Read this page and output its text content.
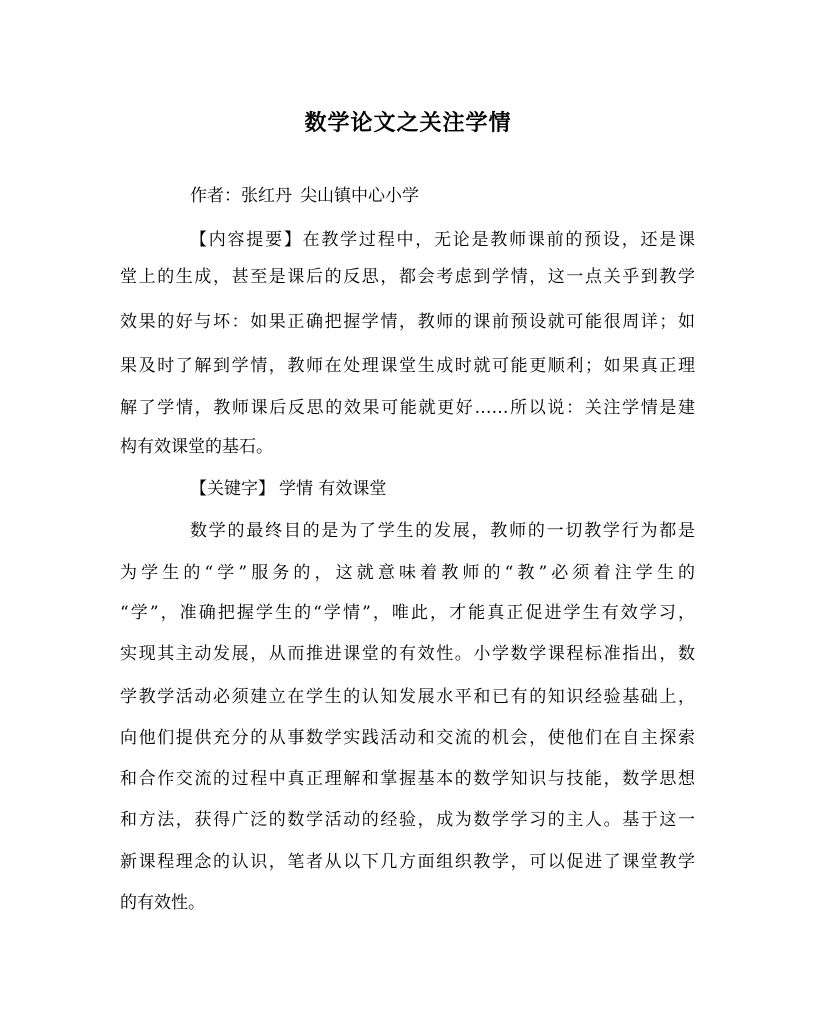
数学论文之关注学情
作者：张红丹 尖山镇中心小学
【内容提要】在教学过程中，无论是教师课前的预设，还是课
堂上的生成，甚至是课后的反思，都会考虑到学情，这一点关乎到教学
效果的好与坏：如果正确把握学情，教师的课前预设就可能很周详；如
果及时了解到学情，教师在处理课堂生成时就可能更顺利；如果真正理
解了学情，教师课后反思的效果可能就更好……所以说：关注学情是建
构有效课堂的基石。
【关键字】 学情 有效课堂
数学的最终目的是为了学生的发展，教师的一切教学行为都是
为学生的“学”服务的，这就意味着教师的“教”必须着注学生的
“学”，准确把握学生的“学情”，唯此，才能真正促进学生有效学习，
实现其主动发展，从而推进课堂的有效性。小学数学课程标准指出，数
学教学活动必须建立在学生的认知发展水平和已有的知识经验基础上，
向他们提供充分的从事数学实践活动和交流的机会，使他们在自主探索
和合作交流的过程中真正理解和掌握基本的数学知识与技能，数学思想
和方法，获得广泛的数学活动的经验，成为数学学习的主人。基于这一
新课程理念的认识，笔者从以下几方面组织教学，可以促进了课堂教学
的有效性。
